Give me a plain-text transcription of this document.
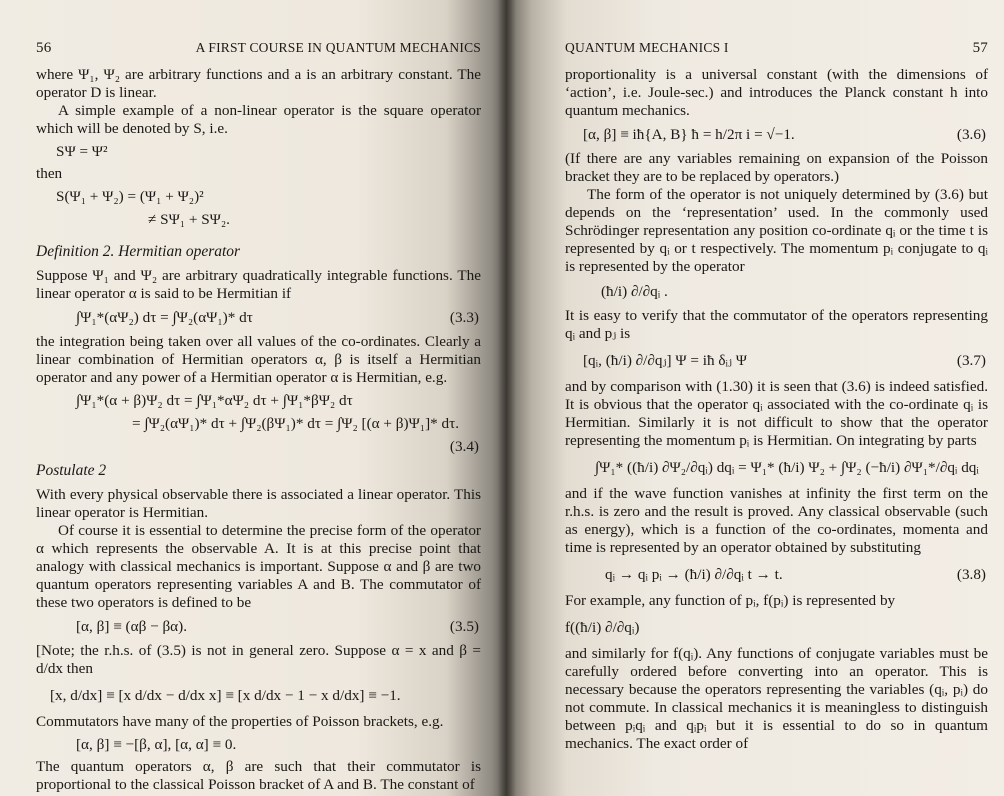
56	A FIRST COURSE IN QUANTUM MECHANICS

where Ψ₁, Ψ₂ are arbitrary functions and a is an arbitrary constant. The operator D is linear.

A simple example of a non-linear operator is the square operator which will be denoted by S, i.e.

SΨ = Ψ²

then

S(Ψ₁ + Ψ₂) = (Ψ₁ + Ψ₂)²
≠ SΨ₁ + SΨ₂.
Definition 2. Hermitian operator

Suppose Ψ₁ and Ψ₂ are arbitrary quadratically integrable functions. The linear operator α is said to be Hermitian if

∫Ψ₁*(αΨ₂) dτ = ∫Ψ₂(αΨ₁)* dτ	(3.3)

the integration being taken over all values of the co-ordinates. Clearly a linear combination of Hermitian operators α, β is itself a Hermitian operator and any power of a Hermitian operator α is Hermitian, e.g.

∫Ψ₁*(α + β)Ψ₂ dτ = ∫Ψ₁*αΨ₂ dτ + ∫Ψ₁*βΨ₂ dτ
= ∫Ψ₂(αΨ₁)* dτ + ∫Ψ₂(βΨ₁)* dτ = ∫Ψ₂ [(α + β)Ψ₁]* dτ.
(3.4)
Postulate 2

With every physical observable there is associated a linear operator. This linear operator is Hermitian.

Of course it is essential to determine the precise form of the operator α which represents the observable A. It is at this precise point that analogy with classical mechanics is important. Suppose α and β are two quantum operators representing variables A and B. The commutator of these two operators is defined to be

[α, β] ≡ (αβ − βα).	(3.5)

[Note; the r.h.s. of (3.5) is not in general zero. Suppose α = x and β = d/dx then

[x, d/dx] ≡ [x d/dx − d/dx x] ≡ [x d/dx − 1 − x d/dx] ≡ −1.

Commutators have many of the properties of Poisson brackets, e.g.

[α, β] ≡ −[β, α], [α, α] ≡ 0.

The quantum operators α, β are such that their commutator is proportional to the classical Poisson bracket of A and B. The constant of

QUANTUM MECHANICS I	57

proportionality is a universal constant (with the dimensions of ‘action’, i.e. Joule-sec.) and introduces the Planck constant h into quantum mechanics.

[α, β] ≡ iħ{A, B} ħ = h/2π i = √−1.	(3.6)

(If there are any variables remaining on expansion of the Poisson bracket they are to be replaced by operators.)

The form of the operator is not uniquely determined by (3.6) but depends on the ‘representation’ used. In the commonly used Schrödinger representation any position co-ordinate qᵢ or the time t is represented by qᵢ or t respectively. The momentum pᵢ conjugate to qᵢ is represented by the operator

(ħ/i) ∂/∂qᵢ .

It is easy to verify that the commutator of the operators representing qᵢ and pⱼ is

[qᵢ, (ħ/i) ∂/∂qⱼ] Ψ = iħ δᵢⱼ Ψ	(3.7)

and by comparison with (1.30) it is seen that (3.6) is indeed satisfied. It is obvious that the operator qᵢ associated with the co-ordinate qᵢ is Hermitian. Similarly it is not difficult to show that the operator representing the momentum pᵢ is Hermitian. On integrating by parts

∫Ψ₁* ((ħ/i) ∂Ψ₂/∂qᵢ) dqᵢ = Ψ₁* (ħ/i) Ψ₂ + ∫Ψ₂ (−ħ/i) ∂Ψ₁*/∂qᵢ dqᵢ

and if the wave function vanishes at infinity the first term on the r.h.s. is zero and the result is proved. Any classical observable (such as energy), which is a function of the co-ordinates, momenta and time is represented by an operator obtained by substituting

qᵢ → qᵢ pᵢ → (ħ/i) ∂/∂qᵢ t → t.	(3.8)

For example, any function of pᵢ, f(pᵢ) is represented by

f((ħ/i) ∂/∂qᵢ)

and similarly for f(qᵢ). Any functions of conjugate variables must be carefully ordered before converting into an operator. This is necessary because the operators representing the variables (qᵢ, pᵢ) do not commute. In classical mechanics it is meaningless to distinguish between pᵢqᵢ and qᵢpᵢ but it is essential to do so in quantum mechanics. The exact order of
